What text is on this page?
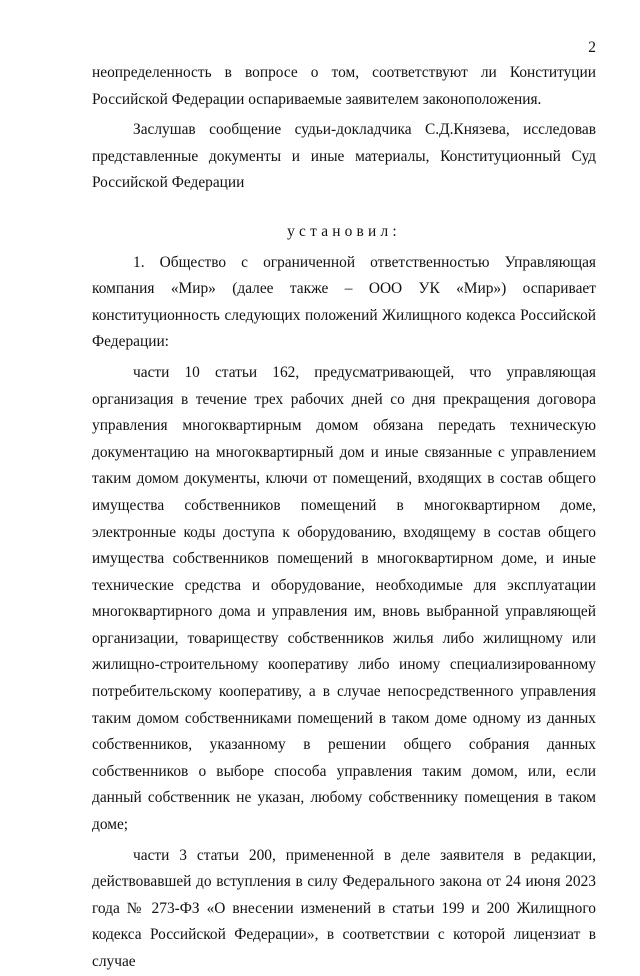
2

неопределенность в вопросе о том, соответствуют ли Конституции Российской Федерации оспариваемые заявителем законоположения.

Заслушав сообщение судьи-докладчика С.Д.Князева, исследовав представленные документы и иные материалы, Конституционный Суд Российской Федерации

установил:

1. Общество с ограниченной ответственностью Управляющая компания «Мир» (далее также – ООО УК «Мир») оспаривает конституционность следующих положений Жилищного кодекса Российской Федерации:

части 10 статьи 162, предусматривающей, что управляющая организация в течение трех рабочих дней со дня прекращения договора управления многоквартирным домом обязана передать техническую документацию на многоквартирный дом и иные связанные с управлением таким домом документы, ключи от помещений, входящих в состав общего имущества собственников помещений в многоквартирном доме, электронные коды доступа к оборудованию, входящему в состав общего имущества собственников помещений в многоквартирном доме, и иные технические средства и оборудование, необходимые для эксплуатации многоквартирного дома и управления им, вновь выбранной управляющей организации, товариществу собственников жилья либо жилищному или жилищно-строительному кооперативу либо иному специализированному потребительскому кооперативу, а в случае непосредственного управления таким домом собственниками помещений в таком доме одному из данных собственников, указанному в решении общего собрания данных собственников о выборе способа управления таким домом, или, если данный собственник не указан, любому собственнику помещения в таком доме;

части 3 статьи 200, примененной в деле заявителя в редакции, действовавшей до вступления в силу Федерального закона от 24 июня 2023 года № 273-ФЗ «О внесении изменений в статьи 199 и 200 Жилищного кодекса Российской Федерации», в соответствии с которой лицензиат в случае
